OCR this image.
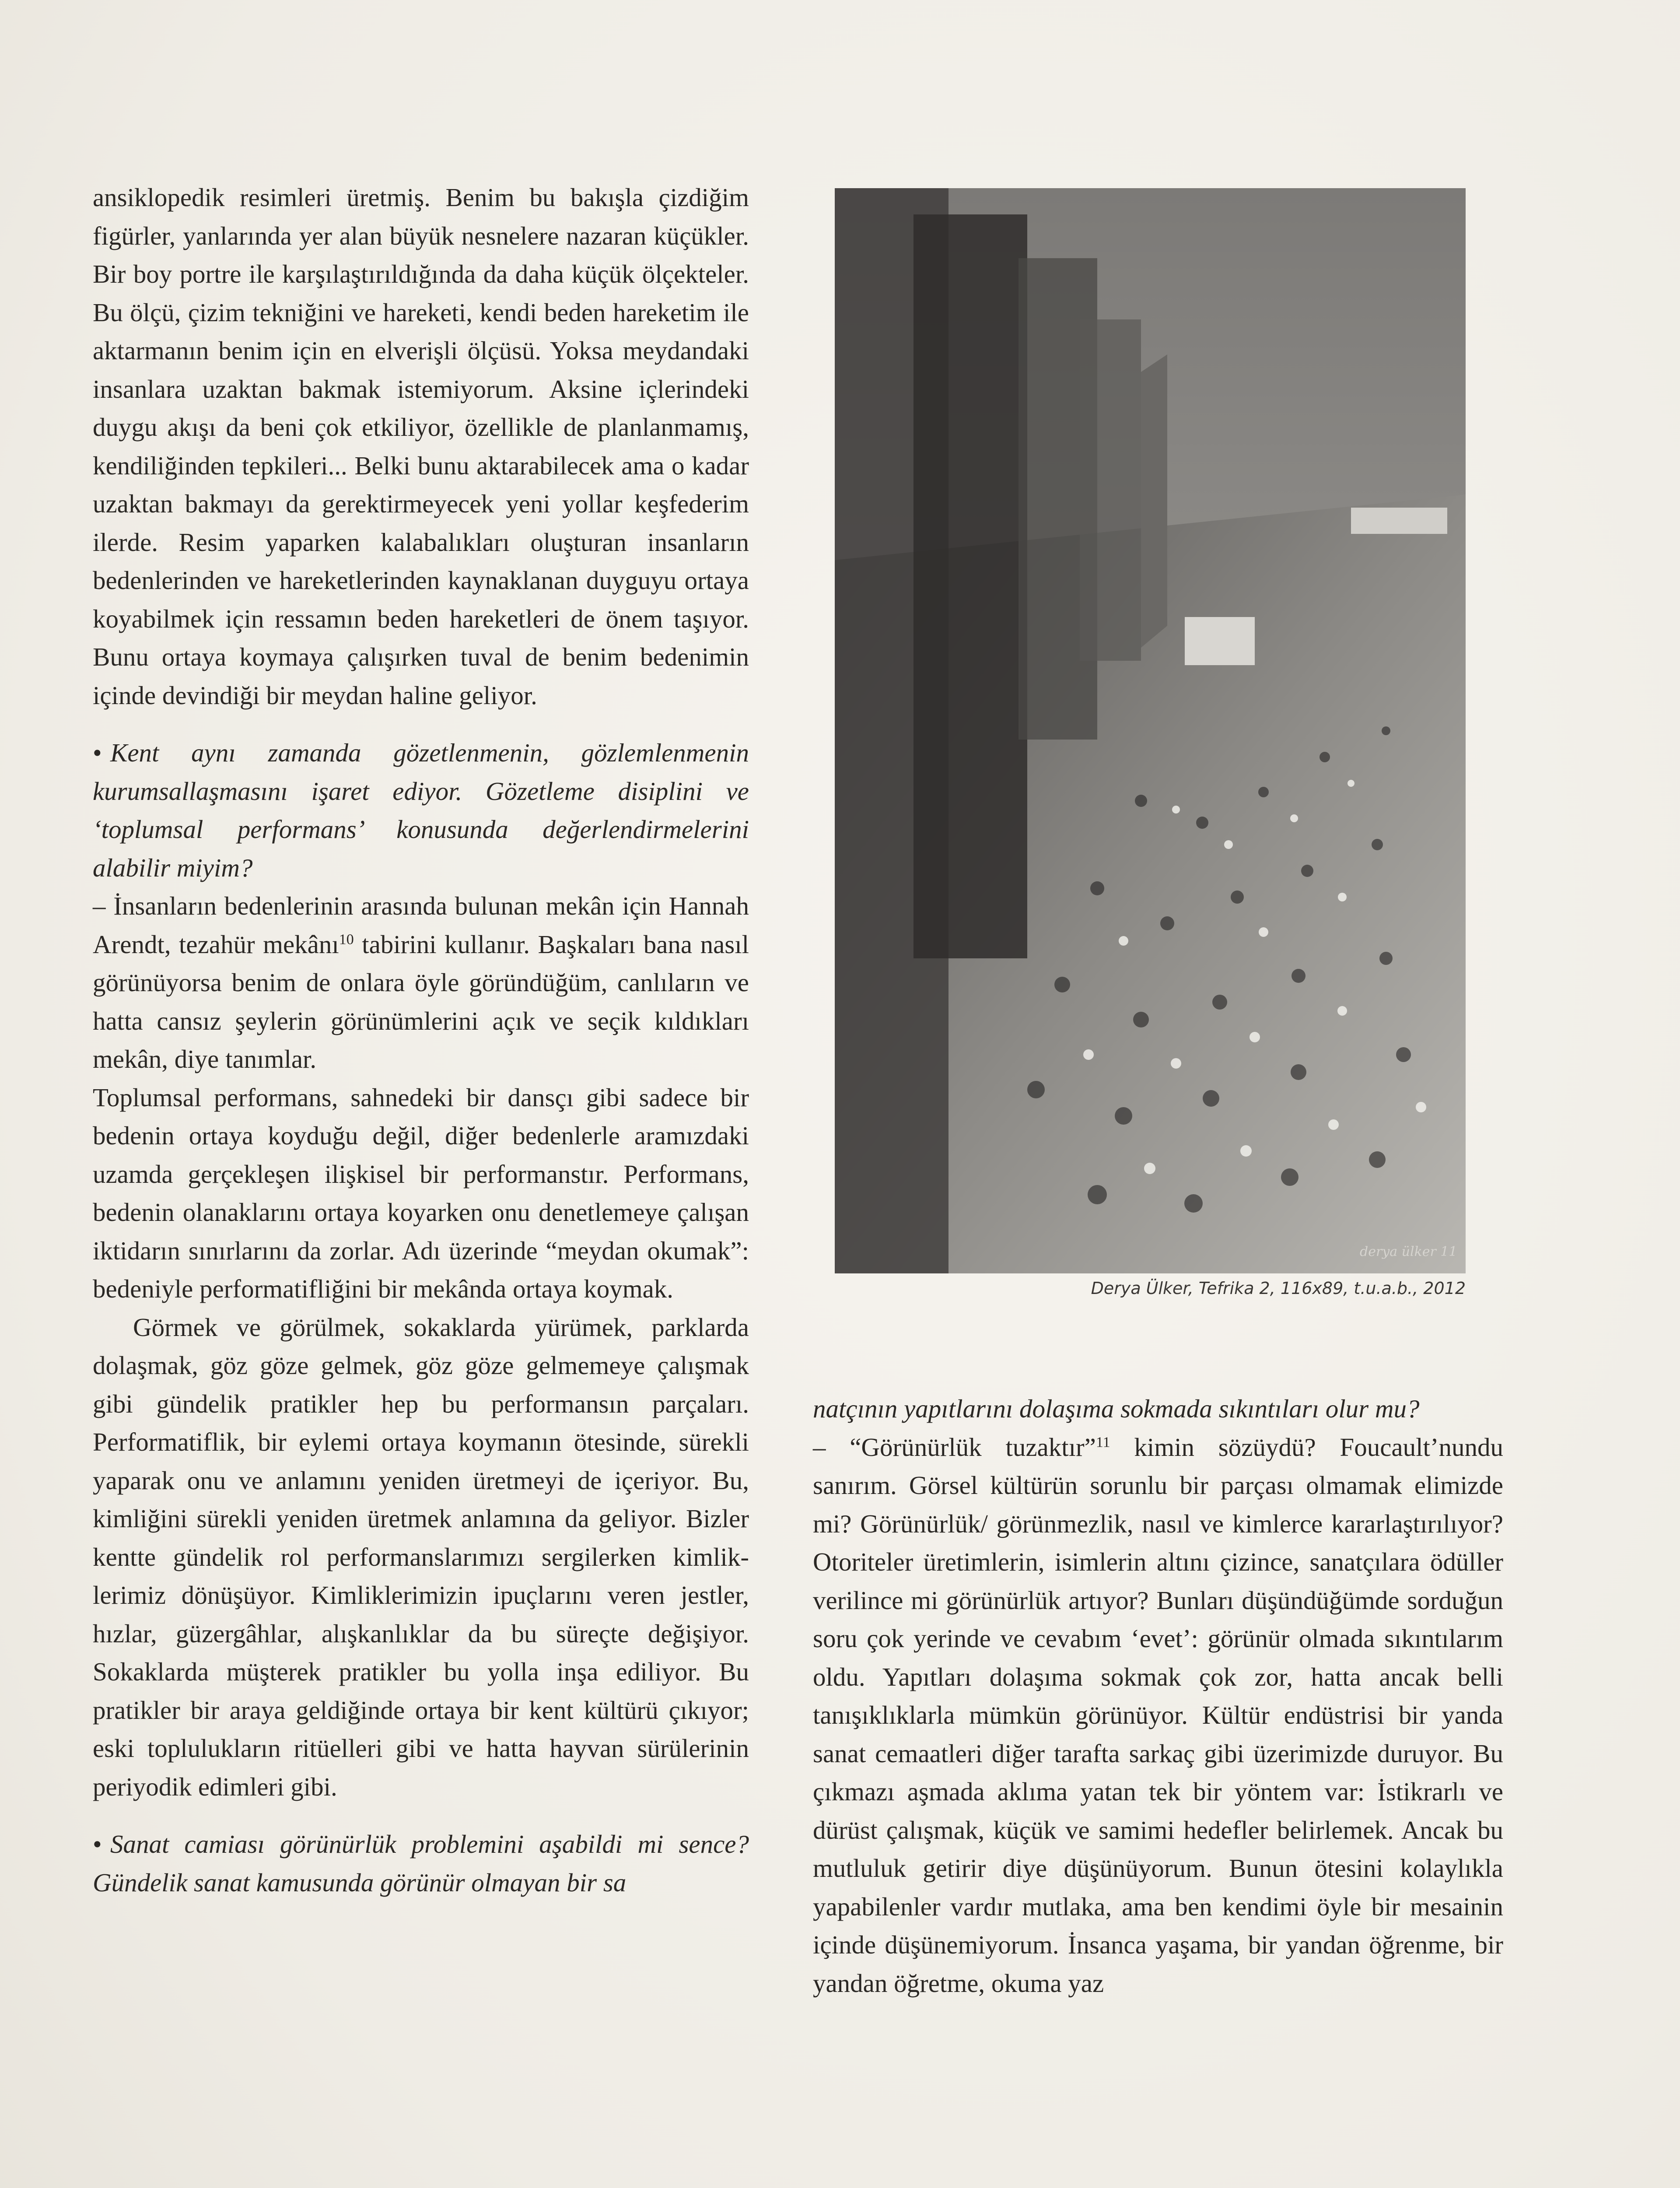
ansiklopedik resimleri üretmiş. Benim bu bakışla çizdiğim figürler, yanlarında yer alan büyük nesnelere nazaran küçükler. Bir boy portre ile karşılaştırıldığında da daha küçük ölçekteler. Bu ölçü, çizim tekniğini ve hareketi, kendi beden hareketim ile aktarmanın benim için en elverişli ölçüsü. Yoksa meydandaki insanlara uzaktan bakmak istemiyorum. Aksine içlerindeki duygu akışı da beni çok etkiliyor, özellikle de planlanmamış, kendiliğinden tepkileri... Belki bunu aktarabilecek ama o kadar uzaktan bakmayı da gerektirmeyecek yeni yollar keşfederim ilerde. Resim yaparken kalabalıkları oluşturan insanların bedenlerinden ve hareketlerinden kaynaklanan duyguyu ortaya koyabilmek için ressamın beden hareketleri de önem taşıyor. Bunu ortaya koymaya çalışırken tuval de benim bedenimin içinde devindiği bir meydan haline geliyor.

• Kent aynı zamanda gözetlenmenin, gözlemlenmenin kurumsallaşmasını işaret ediyor. Gözetleme disiplini ve ‘toplumsal performans’ konusunda değerlendirmelerini alabilir miyim?

– İnsanların bedenlerinin arasında bulunan mekân için Hannah Arendt, tezahür mekânı$^{10}$ tabirini kullanır. Başkaları bana nasıl görünüyorsa benim de onlara öyle göründüğüm, canlıların ve hatta cansız şeylerin görünümlerini açık ve seçik kıldıkları mekân, diye tanımlar.

Toplumsal performans, sahnedeki bir dansçı gibi sadece bir bedenin ortaya koyduğu değil, diğer bedenlerle aramızdaki uzamda gerçekleşen ilişkisel bir performanstır. Performans, bedenin olanaklarını ortaya koyarken onu denetlemeye çalışan iktidarın sınırlarını da zorlar. Adı üzerinde “meydan okumak”: bedeniyle performatifliğini bir mekânda ortaya koymak.

Görmek ve görülmek, sokaklarda yürümek, parklarda dolaşmak, göz göze gelmek, göz göze gelmemeye çalışmak gibi gündelik pratikler hep bu performansın parçaları. Performatiflik, bir eylemi ortaya koymanın ötesinde, sürekli yaparak onu ve anlamını yeniden üretmeyi de içeriyor. Bu, kimliğini sürekli yeniden üretmek anlamına da geliyor. Bizler kentte gündelik rol performanslarımızı sergilerken kimliklerimiz dönüşüyor. Kimliklerimizin ipuçlarını veren jestler, hızlar, güzergâhlar, alışkanlıklar da bu süreçte değişiyor. Sokaklarda müşterek pratikler bu yolla inşa ediliyor. Bu pratikler bir araya geldiğinde ortaya bir kent kültürü çıkıyor; eski toplulukların ritüelleri gibi ve hatta hayvan sürülerinin periyodik edimleri gibi.

• Sanat camiası görünürlük problemini aşabildi mi sence? Gündelik sanat kamusunda görünür olmayan bir sa

derya ülker 11
Derya Ülker, Tefrika 2, 116x89, t.u.a.b., 2012

natçının yapıtlarını dolaşıma sokmada sıkıntıları olur mu?

– “Görünürlük tuzaktır”$^{11}$ kimin sözüydü? Foucault’nundu sanırım. Görsel kültürün sorunlu bir parçası olmamak elimizde mi? Görünürlük/ görünmezlik, nasıl ve kimlerce kararlaştırılıyor? Otoriteler üretimlerin, isimlerin altını çizince, sanatçılara ödüller verilince mi görünürlük artıyor? Bunları düşündüğümde sorduğun soru çok yerinde ve cevabım ‘evet’: görünür olmada sıkıntılarım oldu. Yapıtları dolaşıma sokmak çok zor, hatta ancak belli tanışıklıklarla mümkün görünüyor. Kültür endüstrisi bir yanda sanat cemaatleri diğer tarafta sarkaç gibi üzerimizde duruyor. Bu çıkmazı aşmada aklıma yatan tek bir yöntem var: İstikrarlı ve dürüst çalışmak, küçük ve samimi hedefler belirlemek. Ancak bu mutluluk getirir diye düşünüyorum. Bunun ötesini kolaylıkla yapabilenler vardır mutlaka, ama ben kendimi öyle bir mesainin içinde düşünemiyorum. İnsanca yaşama, bir yandan öğrenme, bir yandan öğretme, okuma yaz
